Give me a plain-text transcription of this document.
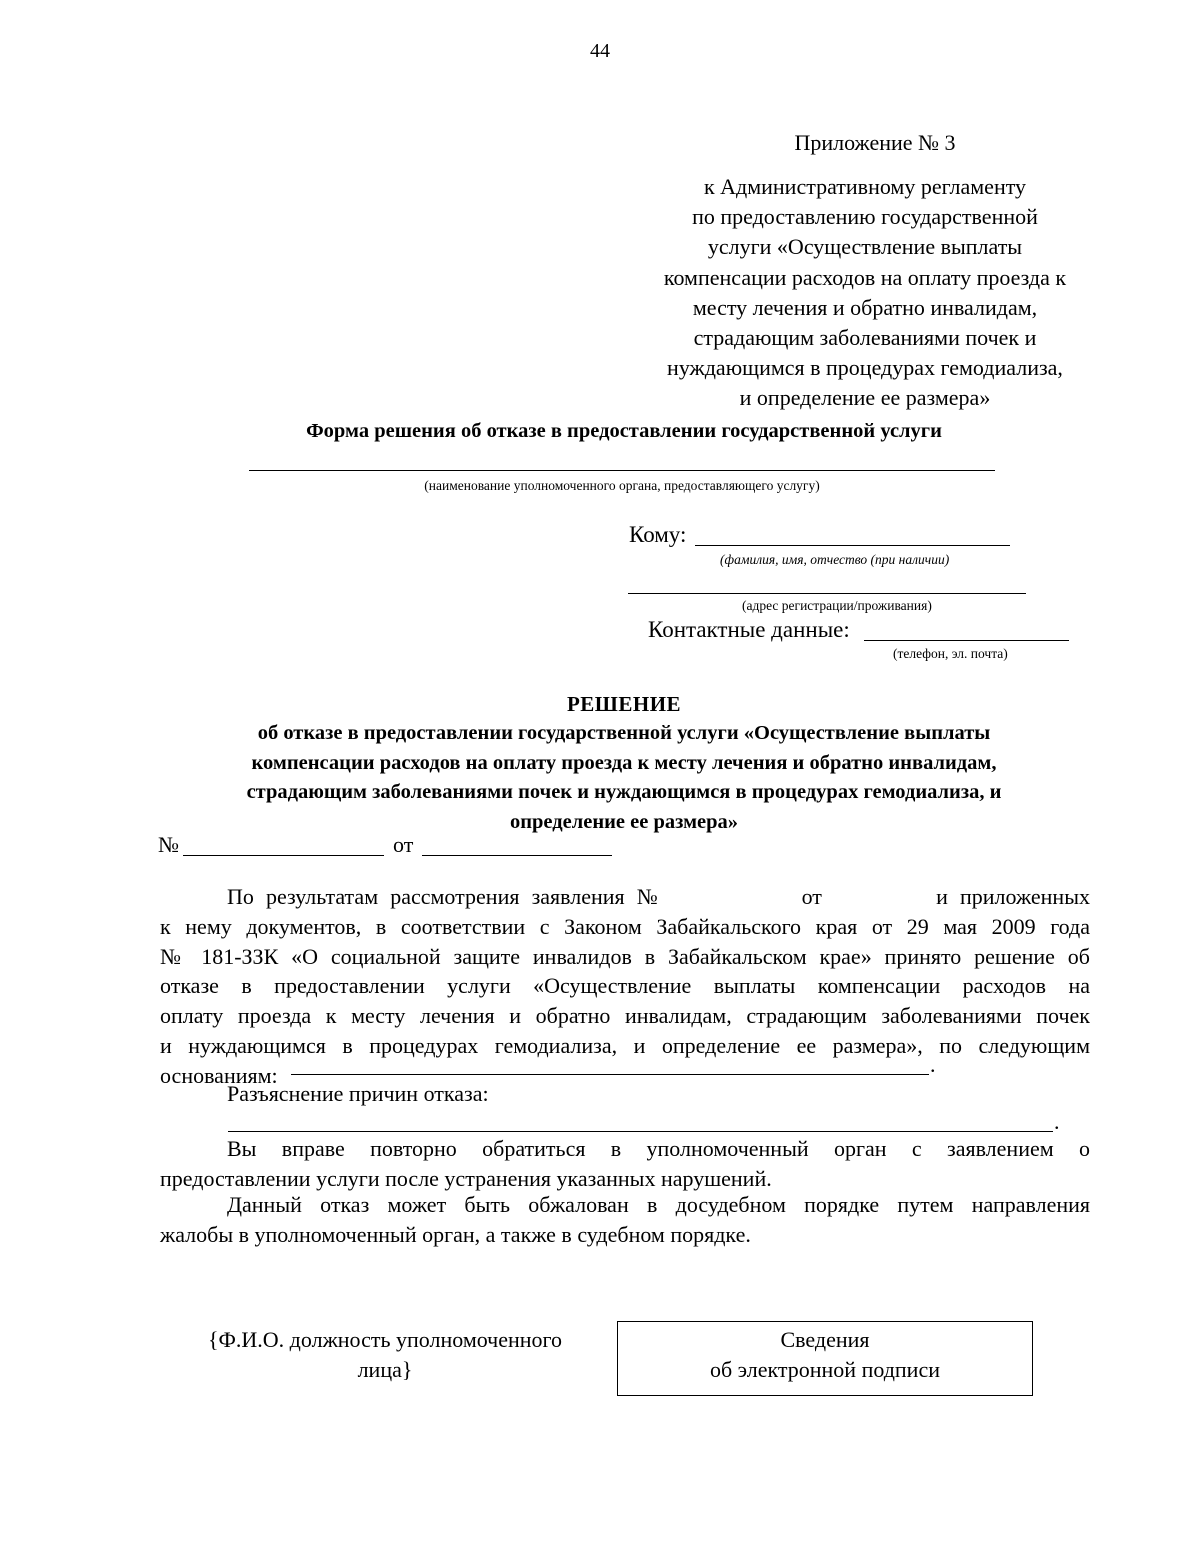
44
Приложение № 3
к Административному регламенту
по предоставлению государственной
услуги «Осуществление выплаты
компенсации расходов на оплату проезда к
месту лечения и обратно инвалидам,
страдающим заболеваниями почек и
нуждающимся в процедурах гемодиализа,
и определение ее размера»
Форма решения об отказе в предоставлении государственной услуги
(наименование уполномоченного органа, предоставляющего услугу)
Кому:
(фамилия, имя, отчество (при наличии)
(адрес регистрации/проживания)
Контактные данные:
(телефон, эл. почта)
РЕШЕНИЕ
об отказе в предоставлении государственной услуги «Осуществление выплаты
компенсации расходов на оплату проезда к месту лечения и обратно инвалидам,
страдающим заболеваниями почек и нуждающимся в процедурах гемодиализа, и
определение ее размера»
№	от
По результатам рассмотрения заявления №	от	и приложенных
к нему документов, в соответствии с Законом Забайкальского края от 29 мая 2009 года
№ 181-ЗЗК «О социальной защите инвалидов в Забайкальском крае» принято решение об
отказе в предоставлении услуги «Осуществление выплаты компенсации расходов на
оплату проезда к месту лечения и обратно инвалидам, страдающим заболеваниями почек
и нуждающимся в процедурах гемодиализа, и определение ее размера», по следующим
основаниям:	.
Разъяснение причин отказа:
.
Вы вправе повторно обратиться в уполномоченный орган с заявлением о
предоставлении услуги после устранения указанных нарушений.
Данный отказ может быть обжалован в досудебном порядке путем направления
жалобы в уполномоченный орган, а также в судебном порядке.
{Ф.И.О. должность уполномоченного
лица}
Сведения
об электронной подписи
